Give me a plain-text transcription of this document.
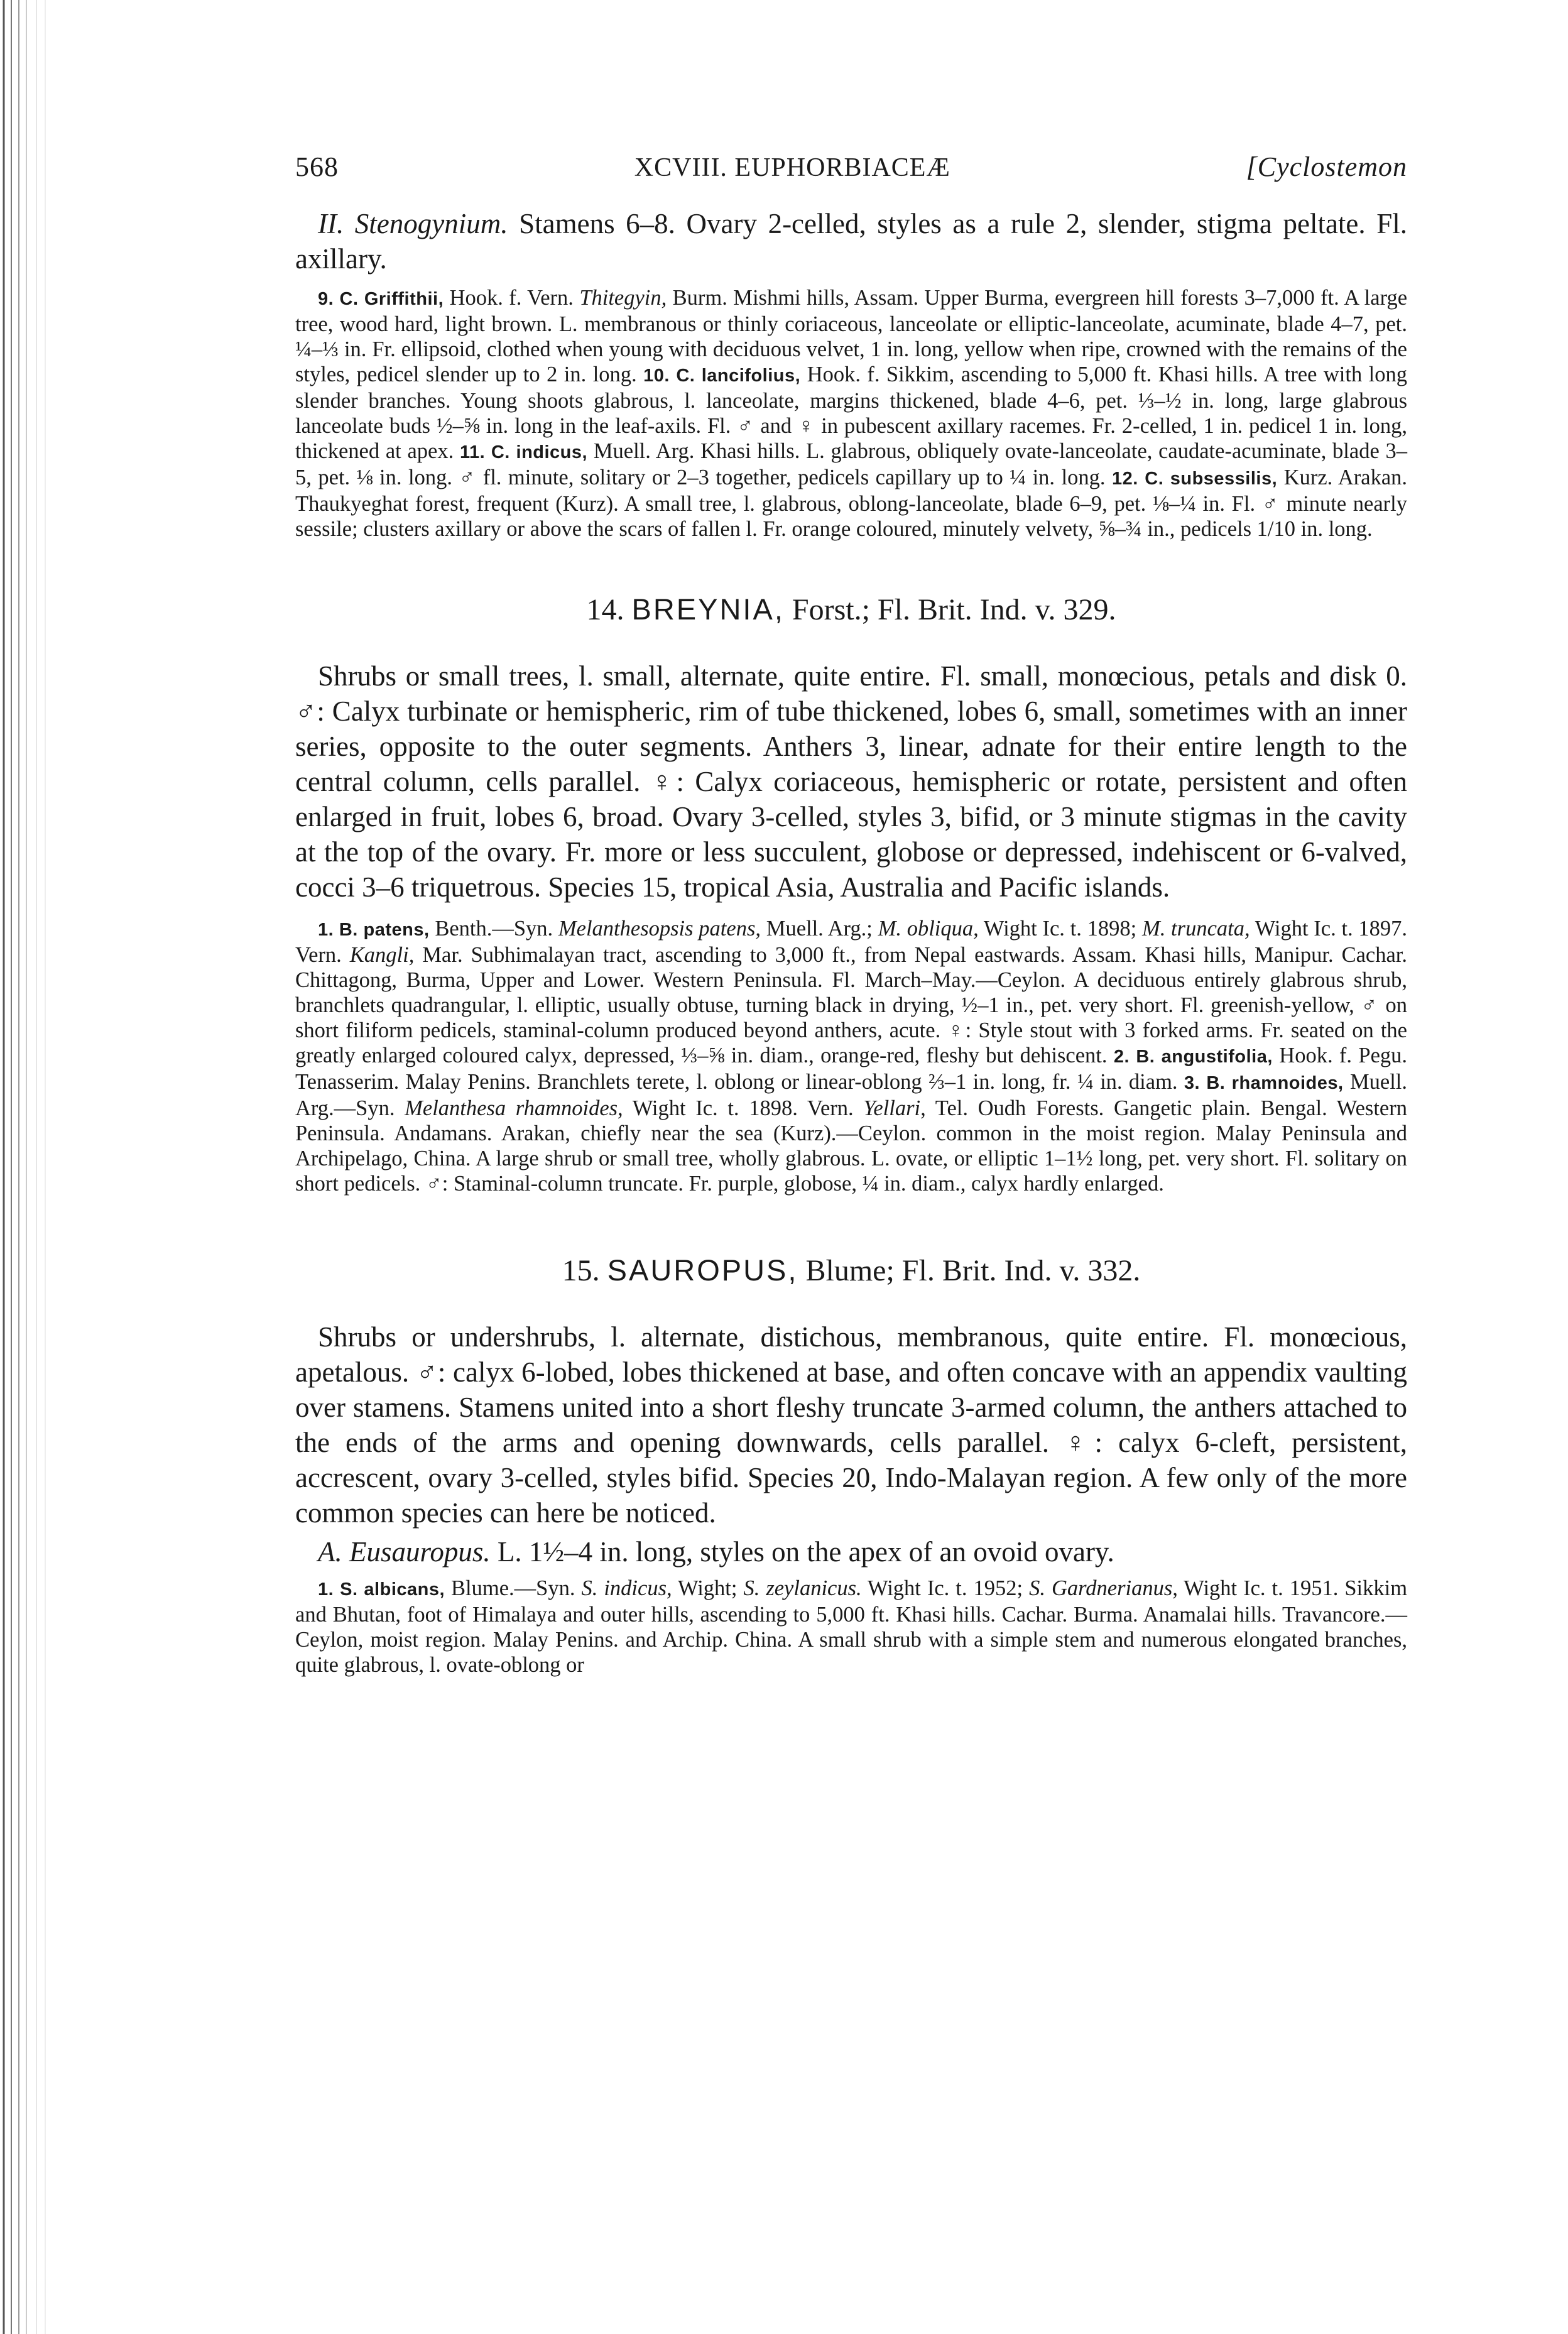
568	XCVIII. EUPHORBIACEÆ	[Cyclostemon

II. Stenogynium. Stamens 6–8. Ovary 2-celled, styles as a rule 2, slender, stigma peltate. Fl. axillary.

9. C. Griffithii, Hook. f. Vern. Thitegyin, Burm. Mishmi hills, Assam. Upper Burma, evergreen hill forests 3–7,000 ft. A large tree, wood hard, light brown. L. membranous or thinly coriaceous, lanceolate or elliptic-lanceolate, acuminate, blade 4–7, pet. ¼–⅓ in. Fr. ellipsoid, clothed when young with deciduous velvet, 1 in. long, yellow when ripe, crowned with the remains of the styles, pedicel slender up to 2 in. long. 10. C. lancifolius, Hook. f. Sikkim, ascending to 5,000 ft. Khasi hills. A tree with long slender branches. Young shoots glabrous, l. lanceolate, margins thickened, blade 4–6, pet. ⅓–½ in. long, large glabrous lanceolate buds ½–⅝ in. long in the leaf-axils. Fl. ♂ and ♀ in pubescent axillary racemes. Fr. 2-celled, 1 in. pedicel 1 in. long, thickened at apex. 11. C. indicus, Muell. Arg. Khasi hills. L. glabrous, obliquely ovate-lanceolate, caudate-acuminate, blade 3–5, pet. ⅛ in. long. ♂ fl. minute, solitary or 2–3 together, pedicels capillary up to ¼ in. long. 12. C. subsessilis, Kurz. Arakan. Thaukyeghat forest, frequent (Kurz). A small tree, l. glabrous, oblong-lanceolate, blade 6–9, pet. ⅛–¼ in. Fl. ♂ minute nearly sessile; clusters axillary or above the scars of fallen l. Fr. orange coloured, minutely velvety, ⅝–¾ in., pedicels 1/10 in. long.

14. BREYNIA, Forst.; Fl. Brit. Ind. v. 329.

Shrubs or small trees, l. small, alternate, quite entire. Fl. small, monœcious, petals and disk 0. ♂: Calyx turbinate or hemispheric, rim of tube thickened, lobes 6, small, sometimes with an inner series, opposite to the outer segments. Anthers 3, linear, adnate for their entire length to the central column, cells parallel. ♀: Calyx coriaceous, hemispheric or rotate, persistent and often enlarged in fruit, lobes 6, broad. Ovary 3-celled, styles 3, bifid, or 3 minute stigmas in the cavity at the top of the ovary. Fr. more or less succulent, globose or depressed, indehiscent or 6-valved, cocci 3–6 triquetrous. Species 15, tropical Asia, Australia and Pacific islands.

1. B. patens, Benth.—Syn. Melanthesopsis patens, Muell. Arg.; M. obliqua, Wight Ic. t. 1898; M. truncata, Wight Ic. t. 1897. Vern. Kangli, Mar. Subhimalayan tract, ascending to 3,000 ft., from Nepal eastwards. Assam. Khasi hills, Manipur. Cachar. Chittagong, Burma, Upper and Lower. Western Peninsula. Fl. March–May.—Ceylon. A deciduous entirely glabrous shrub, branchlets quadrangular, l. elliptic, usually obtuse, turning black in drying, ½–1 in., pet. very short. Fl. greenish-yellow, ♂ on short filiform pedicels, staminal-column produced beyond anthers, acute. ♀: Style stout with 3 forked arms. Fr. seated on the greatly enlarged coloured calyx, depressed, ⅓–⅝ in. diam., orange-red, fleshy but dehiscent. 2. B. angustifolia, Hook. f. Pegu. Tenasserim. Malay Penins. Branchlets terete, l. oblong or linear-oblong ⅔–1 in. long, fr. ¼ in. diam. 3. B. rhamnoides, Muell. Arg.—Syn. Melanthesa rhamnoides, Wight Ic. t. 1898. Vern. Yellari, Tel. Oudh Forests. Gangetic plain. Bengal. Western Peninsula. Andamans. Arakan, chiefly near the sea (Kurz).—Ceylon. common in the moist region. Malay Peninsula and Archipelago, China. A large shrub or small tree, wholly glabrous. L. ovate, or elliptic 1–1½ long, pet. very short. Fl. solitary on short pedicels. ♂: Staminal-column truncate. Fr. purple, globose, ¼ in. diam., calyx hardly enlarged.

15. SAUROPUS, Blume; Fl. Brit. Ind. v. 332.

Shrubs or undershrubs, l. alternate, distichous, membranous, quite entire. Fl. monœcious, apetalous. ♂: calyx 6-lobed, lobes thickened at base, and often concave with an appendix vaulting over stamens. Stamens united into a short fleshy truncate 3-armed column, the anthers attached to the ends of the arms and opening downwards, cells parallel. ♀: calyx 6-cleft, persistent, accrescent, ovary 3-celled, styles bifid. Species 20, Indo-Malayan region. A few only of the more common species can here be noticed.

A. Eusauropus. L. 1½–4 in. long, styles on the apex of an ovoid ovary.

1. S. albicans, Blume.—Syn. S. indicus, Wight; S. zeylanicus. Wight Ic. t. 1952; S. Gardnerianus, Wight Ic. t. 1951. Sikkim and Bhutan, foot of Himalaya and outer hills, ascending to 5,000 ft. Khasi hills. Cachar. Burma. Anamalai hills. Travancore.—Ceylon, moist region. Malay Penins. and Archip. China. A small shrub with a simple stem and numerous elongated branches, quite glabrous, l. ovate-oblong or
